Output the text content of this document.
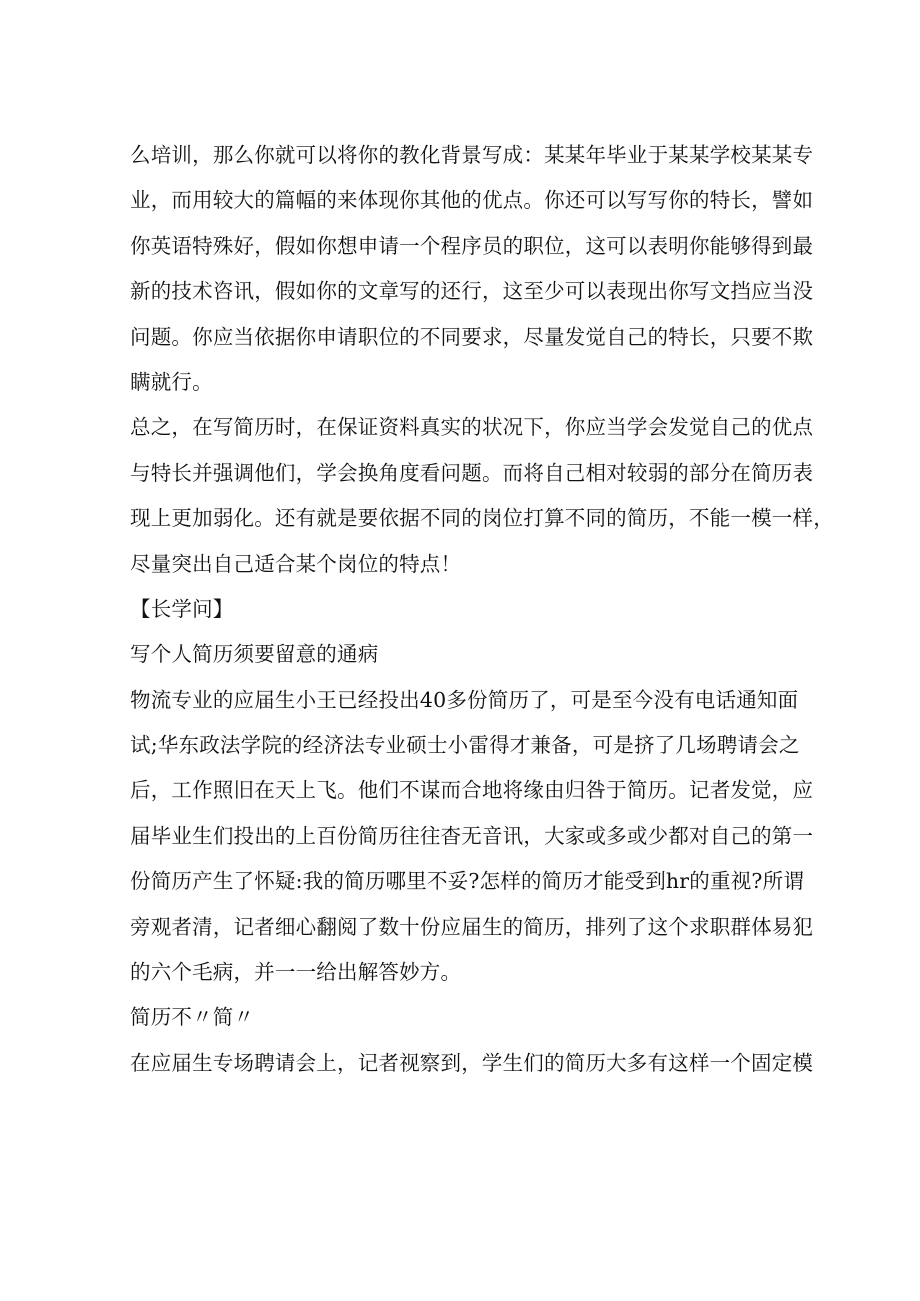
么 培 训 ， 那 么 你 就 可 以 将 你 的 教 化 背 景 写 成 ： 某 某 年 毕 业 于 某 某 学 校 某 某 专
业 ， 而 用 较 大 的 篇 幅 的 来 体 现 你 其 他 的 优 点 。 你 还 可 以 写 写 你 的 特 长 ， 譬 如
你 英 语 特 殊 好 ， 假 如 你 想 申 请 一 个 程 序 员 的 职 位 ， 这 可 以 表 明 你 能 够 得 到 最
新 的 技 术 咨 讯 ， 假 如 你 的 文 章 写 的 还 行 ， 这 至 少 可 以 表 现 出 你 写 文 挡 应 当 没
问 题 。 你 应 当 依 据 你 申 请 职 位 的 不 同 要 求 ， 尽 量 发 觉 自 己 的 特 长 ， 只 要 不 欺
瞒就行。
总 之 ， 在 写 简 历 时 ， 在 保 证 资 料 真 实 的 状 况 下 ， 你 应 当 学 会 发 觉 自 己 的 优 点
与 特 长 并 强 调 他 们 ， 学 会 换 角 度 看 问 题 。 而 将 自 己 相 对 较 弱 的 部 分 在 简 历 表
现 上 更 加 弱 化 。 还 有 就 是 要 依 据 不 同 的 岗 位 打 算 不 同 的 简 历 ， 不 能 一 模 一 样 ，
尽量突出自己适合某个岗位的特点！
【长学问】
写个人简历须要留意的通病
物 流 专 业 的 应 届 生 小 王 已 经 投 出 40 多 份 简 历 了 ， 可 是 至 今 没 有 电 话 通 知 面
试 ; 华 东 政 法 学 院 的 经 济 法 专 业 硕 士 小 雷 得 才 兼 备 ， 可 是 挤 了 几 场 聘 请 会 之
后 ， 工 作 照 旧 在 天 上 飞 。 他 们 不 谋 而 合 地 将 缘 由 归 咎 于 简 历 。 记 者 发 觉 ， 应
届 毕 业 生 们 投 出 的 上 百 份 简 历 往 往 杳 无 音 讯 ， 大 家 或 多 或 少 都 对 自 己 的 第 一
份 简 历 产 生 了 怀 疑 : 我 的 简 历 哪 里 不 妥 ? 怎 样 的 简 历 才 能 受 到 hr 的 重 视 ? 所 谓
旁 观 者 清 ， 记 者 细 心 翻 阅 了 数 十 份 应 届 生 的 简 历 ， 排 列 了 这 个 求 职 群 体 易 犯
的六个毛病，并一一给出解答妙方。
简历不〃简〃
在应届生专场聘请会上，记者视察到，学生们的简历大多有这样一个固定模
